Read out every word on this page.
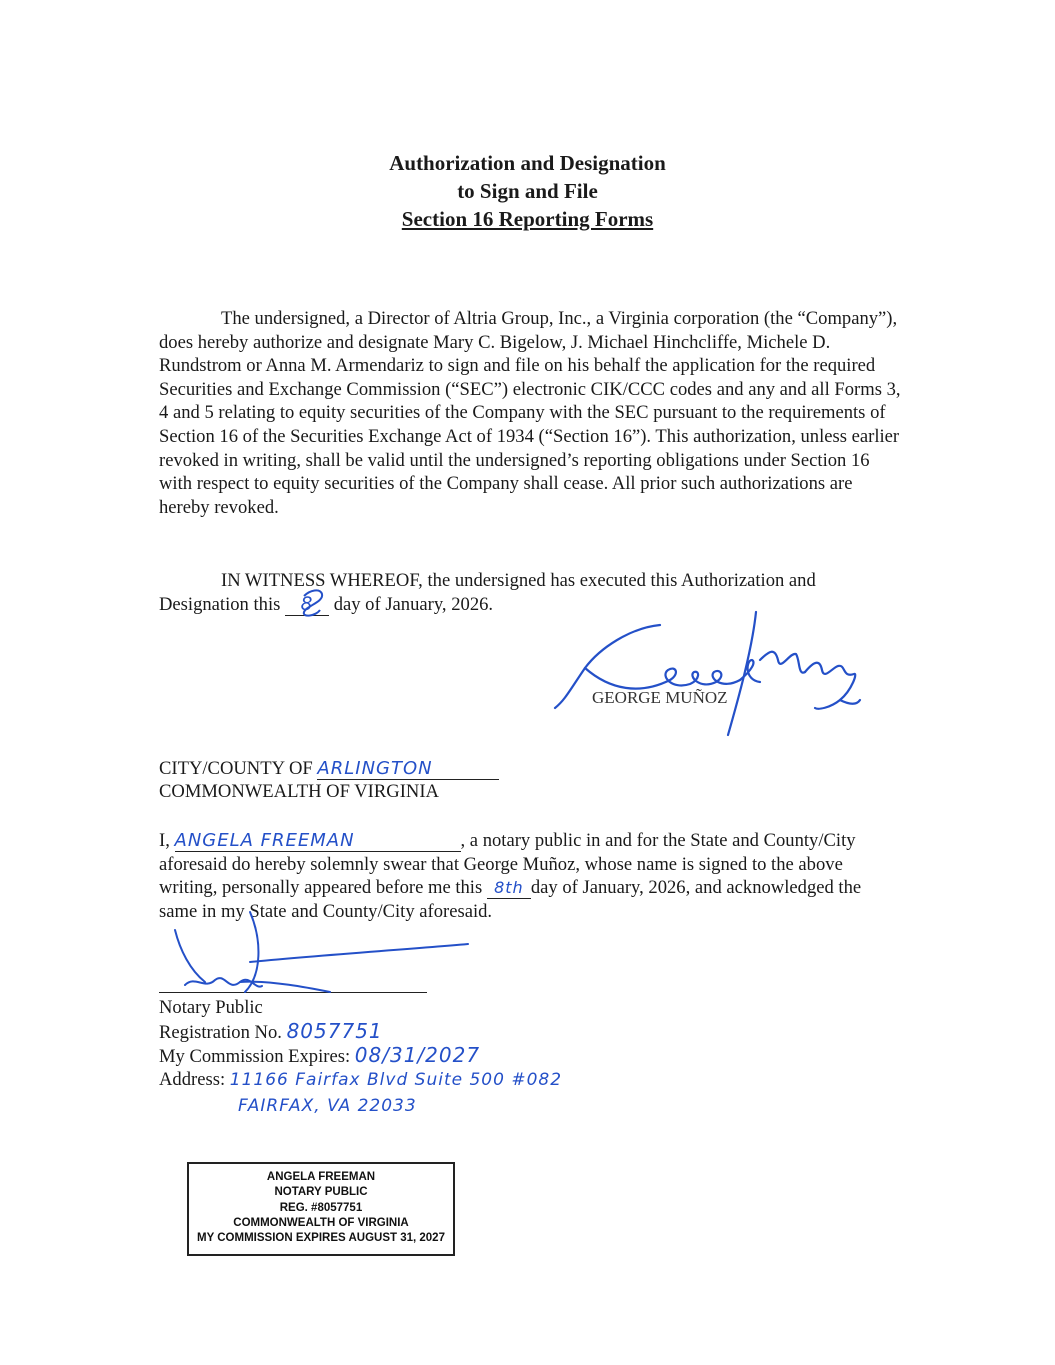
Authorization and Designation
to Sign and File
Section 16 Reporting Forms
The undersigned, a Director of Altria Group, Inc., a Virginia corporation (the “Company”), does hereby authorize and designate Mary C. Bigelow, J. Michael Hinchcliffe, Michele D. Rundstrom or Anna M. Armendariz to sign and file on his behalf the application for the required Securities and Exchange Commission (“SEC”) electronic CIK/CCC codes and any and all Forms 3, 4 and 5 relating to equity securities of the Company with the SEC pursuant to the requirements of Section 16 of the Securities Exchange Act of 1934 (“Section 16”). This authorization, unless earlier revoked in writing, shall be valid until the undersigned’s reporting obligations under Section 16 with respect to equity securities of the Company shall cease. All prior such authorizations are hereby revoked.
IN WITNESS WHEREOF, the undersigned has executed this Authorization and Designation this 8 day of January, 2026.
GEORGE MUÑOZ
CITY/COUNTY OF ARLINGTON
COMMONWEALTH OF VIRGINIA
I, ANGELA FREEMAN	, a notary public in and for the State and County/City aforesaid do hereby solemnly swear that George Muñoz, whose name is signed to the above writing, personally appeared before me this 8th day of January, 2026, and acknowledged the same in my State and County/City aforesaid.
Notary Public
Registration No. 8057751
My Commission Expires: 08/31/2027
Address: 11166 Fairfax Blvd Suite 500 #082
FAIRFAX, VA 22033
ANGELA FREEMAN
NOTARY PUBLIC
REG. #8057751
COMMONWEALTH OF VIRGINIA
MY COMMISSION EXPIRES AUGUST 31, 2027
